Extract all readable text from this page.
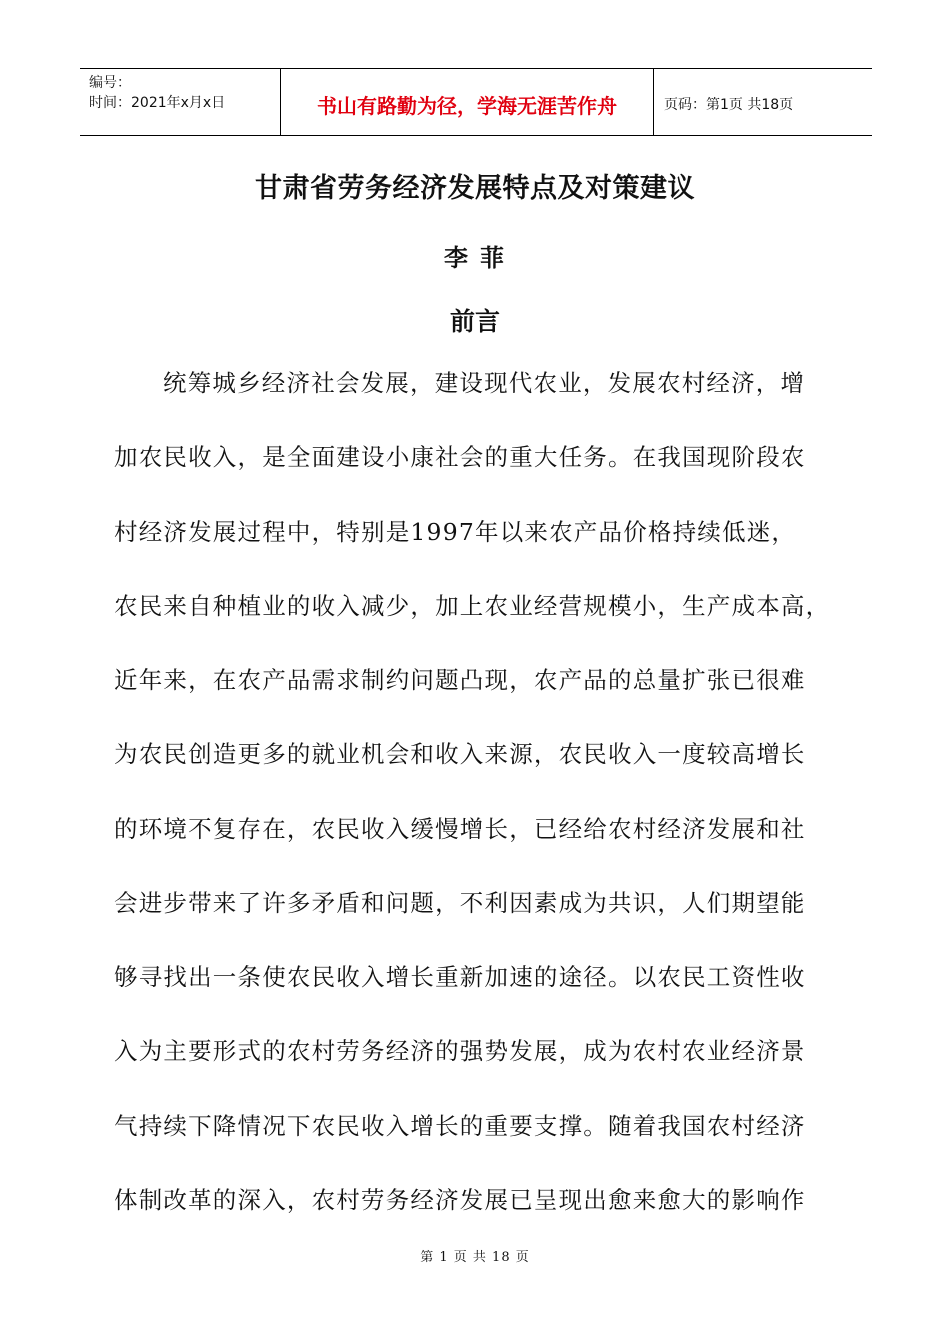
编号：
时间：2021年x月x日	书山有路勤为径，学海无涯苦作舟	页码：第1页 共18页
甘肃省劳务经济发展特点及对策建议
李菲
前言
统筹城乡经济社会发展，建设现代农业，发展农村经济，增
加农民收入，是全面建设小康社会的重大任务。在我国现阶段农
村经济发展过程中，特别是1997年以来农产品价格持续低迷，
农民来自种植业的收入减少，加上农业经营规模小，生产成本高，
近年来，在农产品需求制约问题凸现，农产品的总量扩张已很难
为农民创造更多的就业机会和收入来源，农民收入一度较高增长
的环境不复存在，农民收入缓慢增长，已经给农村经济发展和社
会进步带来了许多矛盾和问题，不利因素成为共识，人们期望能
够寻找出一条使农民收入增长重新加速的途径。以农民工资性收
入为主要形式的农村劳务经济的强势发展，成为农村农业经济景
气持续下降情况下农民收入增长的重要支撑。随着我国农村经济
体制改革的深入，农村劳务经济发展已呈现出愈来愈大的影响作
第 1 页 共 18 页
